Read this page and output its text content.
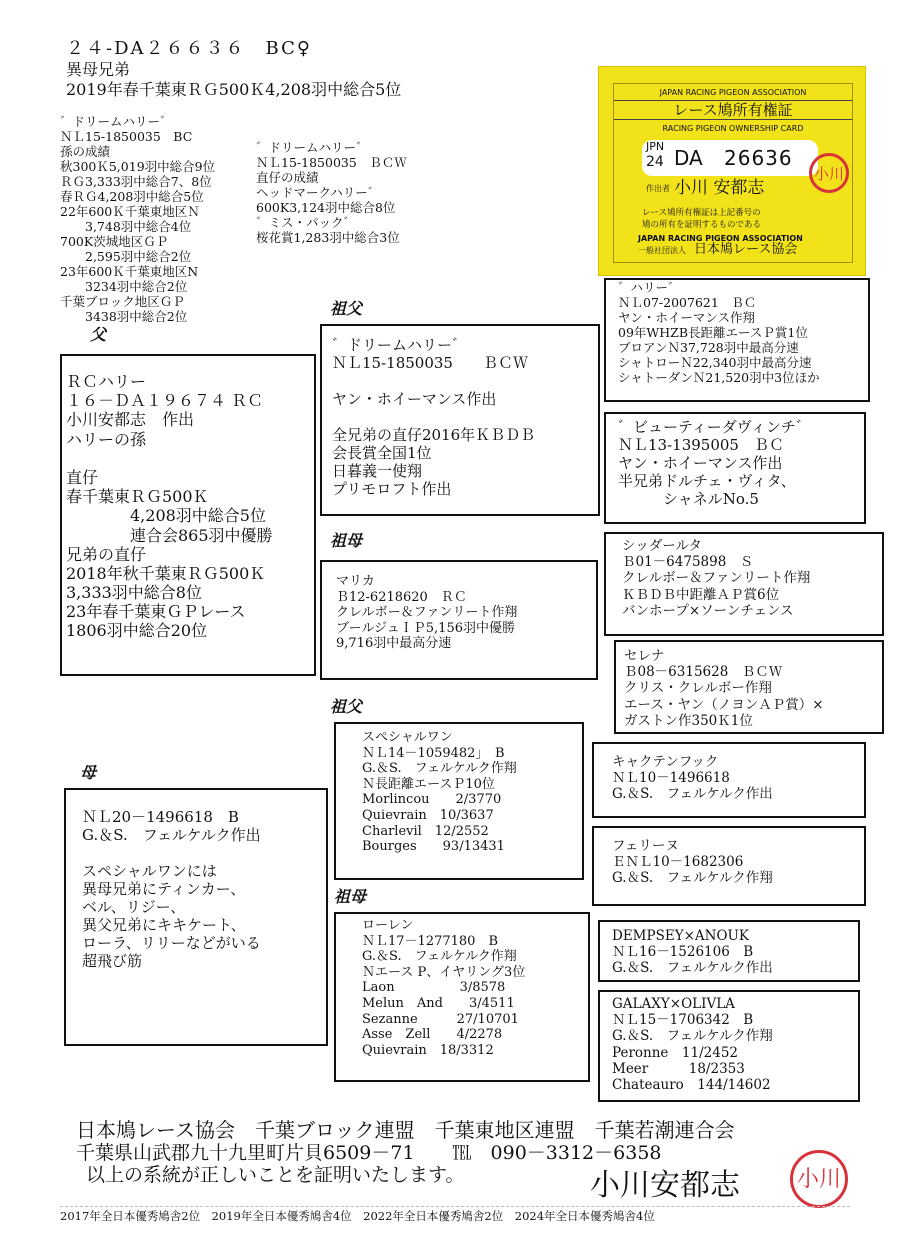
２４-DA２６６３６　BC♀
異母兄弟
2019年春千葉東ＲＧ500Ｋ4,208羽中総合5位
゛ドリームハリー゛
ＮＬ15-1850035　BC
孫の成績
秋300Ｋ5,019羽中総合9位
ＲＧ3,333羽中総合7、8位
春ＲＧ4,208羽中総合5位
22年600Ｋ千葉東地区Ｎ
　　3,748羽中総合4位
700K茨城地区ＧＰ
　　2,595羽中総合2位
23年600Ｋ千葉東地区N
　　3234羽中総合2位
千葉ブロック地区ＧＰ
　　3438羽中総合2位
゛ドリームハリー゛
ＮＬ15-1850035　ＢＣＷ
直仔の成績
ヘッドマークハリー゛
600K3,124羽中総合8位
゛ミス・パック゛
桜花賞1,283羽中総合3位
JAPAN RACING PIGEON ASSOCIATION
レース鳩所有権証
RACING PIGEON OWNERSHIP CARD
JPN
24 DA 26636
作出者 小川 安都志
レース鳩所有権証は上記番号の
鳩の所有を証明するものである
JAPAN RACING PIGEON ASSOCIATION
一般社団法人 日本鳩レース協会
小川
父
母
祖父
祖母
祖父
祖母
ＲＣハリー
１６－ＤＡ１９６７４ ＲＣ
小川安都志　作出
ハリーの孫

直仔
春千葉東ＲＧ500Ｋ
　　　　4,208羽中総合5位
　　　　連合会865羽中優勝
兄弟の直仔
2018年秋千葉東ＲＧ500Ｋ
3,333羽中総合8位
23年春千葉東ＧＰレース
1806羽中総合20位
゛ドリームハリー゛
ＮＬ15-1850035　　ＢＣＷ

ヤン・ホイーマンス作出

全兄弟の直仔2016年ＫＢＤＢ
会長賞全国1位
日暮義一使翔
プリモロフト作出
マリカ
Ｂ12-6218620　ＲＣ
クレルボー＆ファンリート作翔
ブールジュＩＰ5,156羽中優勝
9,716羽中最高分速
゛ハリー゛
ＮＬ07-2007621　ＢＣ
ヤン・ホイーマンス作翔
09年WHZB長距離エースＰ賞1位
ブロアンＮ37,728羽中最高分速
シャトローＮ22,340羽中最高分速
シャトーダンＮ21,520羽中3位ほか
゛ビューティーダヴィンチ゛
ＮＬ13-1395005　ＢＣ
ヤン・ホイーマンス作出
半兄弟ドルチェ・ヴィタ、
　　　シャネルNo.5
シッダールタ
Ｂ01－6475898　Ｓ
クレルボー＆ファンリート作翔
ＫＢＤＢ中距離ＡＰ賞6位
バンホープ×ソーンチェンス
セレナ
Ｂ08－6315628　ＢＣＷ
クリス・クレルボー作翔
エース・ヤン（ノヨンＡＰ賞）×
ガストン作350Ｋ1位
ＮＬ20－1496618　B
G.＆S.　フェルケルク作出

スペシャルワンには
異母兄弟にティンカー、
ベル、リジー、
異父兄弟にキキケート、
ローラ、リリーなどがいる
超飛び筋
スペシャルワン
ＮＬ14－1059482」　B
G.＆S.　フェルケルク作翔
Ｎ長距離エースＰ10位
Morlincou　　2/3770
Quievrain　10/3637
Charlevil　12/2552
Bourges　　93/13431
ローレン
ＮＬ17－1277180　B
G.＆S.　フェルケルク作翔
Ｎエース P、イヤリング3位
Laon　　　　　3/8578
Melun　And　　3/4511
Sezanne　　　27/10701
Asse　Zell　　4/2278
Quievrain　18/3312
キャクテンフック
ＮＬ10－1496618
G.＆S.　フェルケルク作出
フェリーヌ
ＥＮＬ10－1682306
G.＆S.　フェルケルク作翔
DEMPSEY×ANOUK
ＮＬ16－1526106　B
G.＆S.　フェルケルク作出
GALAXY×OLIVLA
ＮＬ15－1706342　B
G.＆S.　フェルケルク作翔
Peronne　11/2452
Meer　　　18/2353
Chateauro　144/14602
日本鳩レース協会　千葉ブロック連盟　千葉東地区連盟　千葉若潮連合会
千葉県山武郡九十九里町片貝6509－71　　℡　090－3312－6358
以上の系統が正しいことを証明いたします。	小川安都志	小川
2017年全日本優秀鳩舎2位　2019年全日本優秀鳩舎4位　2022年全日本優秀鳩舎2位　2024年全日本優秀鳩舎4位
